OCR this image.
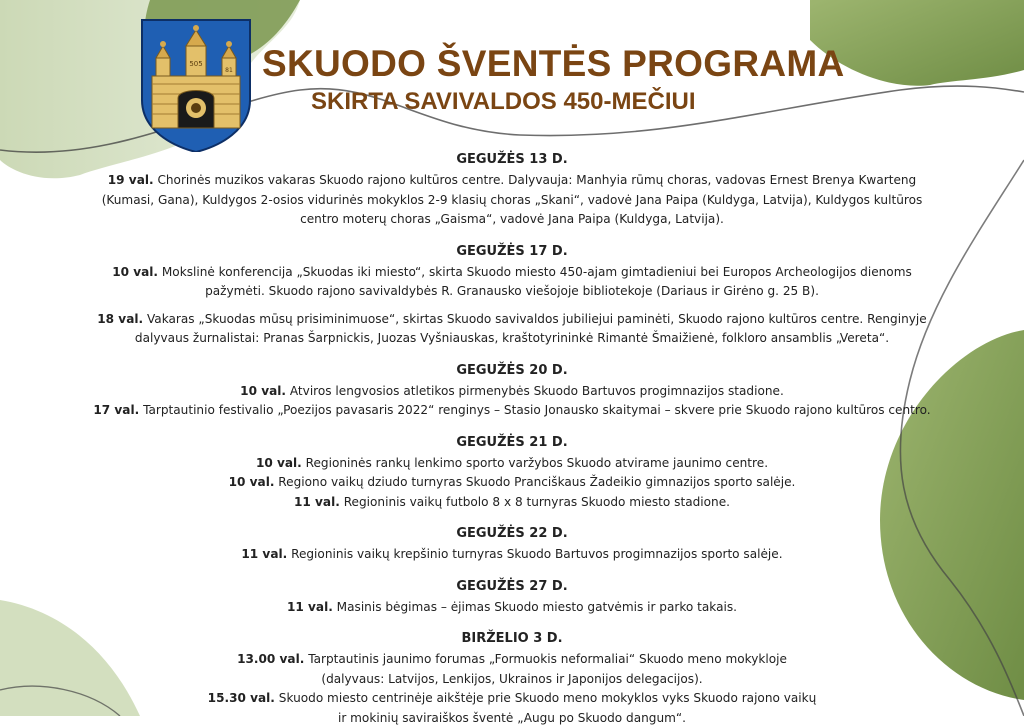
505
81 SKUODO ŠVENTĖS PROGRAMA
SKIRTA SAVIVALDOS 450-MEČIUI
GEGUŽĖS 13 D.
19 val. Chorinės muzikos vakaras Skuodo rajono kultūros centre. Dalyvauja: Manhyia rūmų choras, vadovas Ernest Brenya Kwarteng
(Kumasi, Gana), Kuldygos 2-osios vidurinės mokyklos 2-9 klasių choras „Skani“, vadovė Jana Paipa (Kuldyga, Latvija), Kuldygos kultūros
centro moterų choras „Gaisma“, vadovė Jana Paipa (Kuldyga, Latvija).
GEGUŽĖS 17 D.
10 val. Mokslinė konferencija „Skuodas iki miesto“, skirta Skuodo miesto 450-ajam gimtadieniui bei Europos Archeologijos dienoms
pažymėti. Skuodo rajono savivaldybės R. Granausko viešojoje bibliotekoje (Dariaus ir Girėno g. 25 B).
18 val. Vakaras „Skuodas mūsų prisiminimuose“, skirtas Skuodo savivaldos jubiliejui paminėti, Skuodo rajono kultūros centre. Renginyje
dalyvaus žurnalistai: Pranas Šarpnickis, Juozas Vyšniauskas, kraštotyrininkė Rimantė Šmaižienė, folkloro ansamblis „Vereta“.
GEGUŽĖS 20 D.
10 val. Atviros lengvosios atletikos pirmenybės Skuodo Bartuvos progimnazijos stadione.
17 val. Tarptautinio festivalio „Poezijos pavasaris 2022“ renginys – Stasio Jonausko skaitymai – skvere prie Skuodo rajono kultūros centro.
GEGUŽĖS 21 D.
10 val. Regioninės rankų lenkimo sporto varžybos Skuodo atvirame jaunimo centre.
10 val. Regiono vaikų dziudo turnyras Skuodo Pranciškaus Žadeikio gimnazijos sporto salėje.
11 val. Regioninis vaikų futbolo 8 x 8 turnyras Skuodo miesto stadione.
GEGUŽĖS 22 D.
11 val. Regioninis vaikų krepšinio turnyras Skuodo Bartuvos progimnazijos sporto salėje.
GEGUŽĖS 27 D.
11 val. Masinis bėgimas – ėjimas Skuodo miesto gatvėmis ir parko takais.
BIRŽELIO 3 D.
13.00 val. Tarptautinis jaunimo forumas „Formuokis neformaliai“ Skuodo meno mokykloje
(dalyvaus: Latvijos, Lenkijos, Ukrainos ir Japonijos delegacijos).
15.30 val. Skuodo miesto centrinėje aikštėje prie Skuodo meno mokyklos vyks Skuodo rajono vaikų
ir mokinių saviraiškos šventė „Augu po Skuodo dangum“.
